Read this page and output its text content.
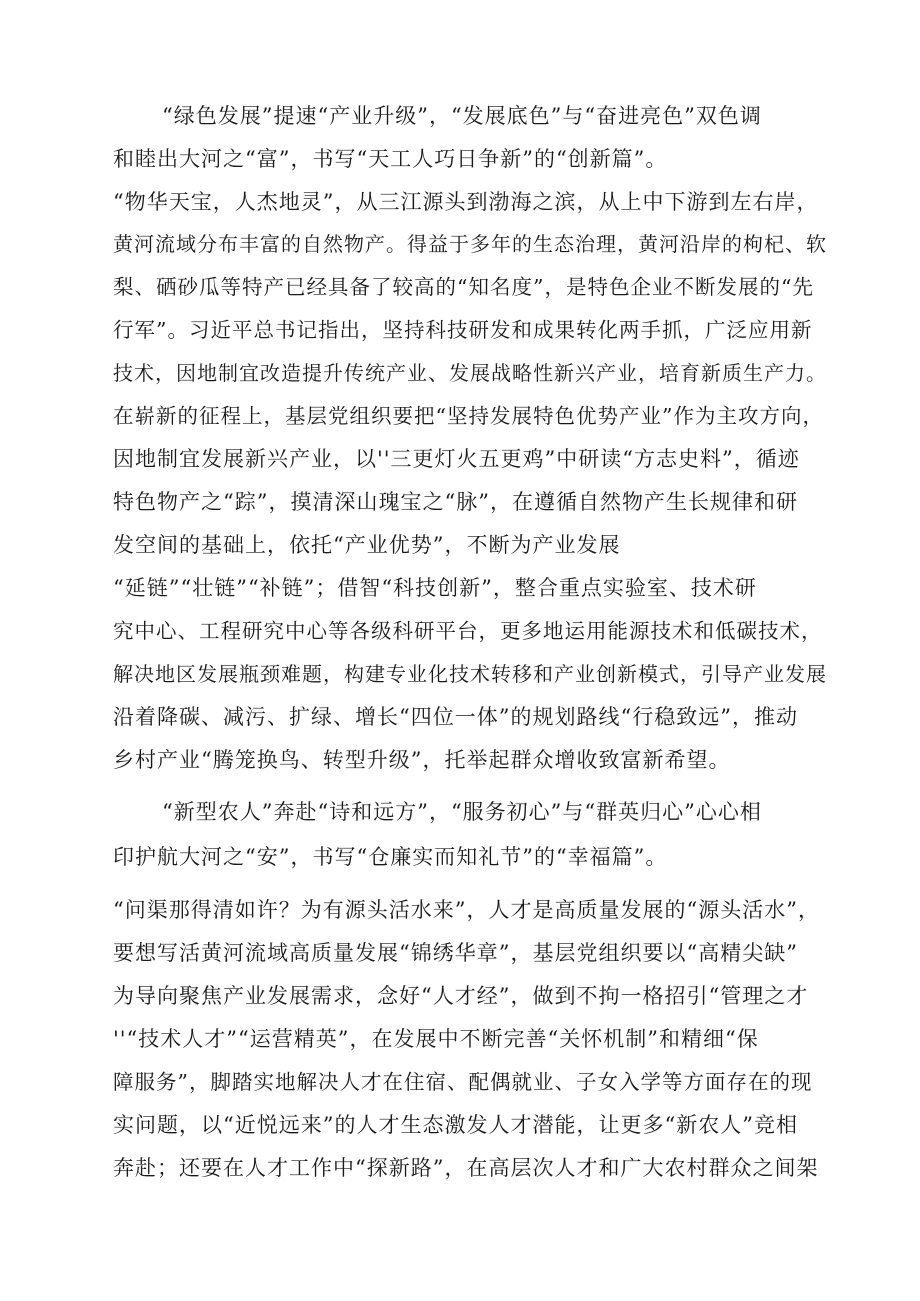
“绿色发展”提速“产业升级”，“发展底色”与“奋进亮色”双色调
和睦出大河之“富”，书写“天工人巧日争新”的“创新篇”。
“物华天宝，人杰地灵”，从三江源头到渤海之滨，从上中下游到左右岸，
黄河流域分布丰富的自然物产。得益于多年的生态治理，黄河沿岸的枸杞、软
梨、硒砂瓜等特产已经具备了较高的“知名度”，是特色企业不断发展的“先
行军”。习近平总书记指出，坚持科技研发和成果转化两手抓，广泛应用新
技术，因地制宜改造提升传统产业、发展战略性新兴产业，培育新质生产力。
在崭新的征程上，基层党组织要把“坚持发展特色优势产业”作为主攻方向，
因地制宜发展新兴产业，以''三更灯火五更鸡”中研读“方志史料”，循迹
特色物产之“踪”，摸清深山瑰宝之“脉”，在遵循自然物产生长规律和研
发空间的基础上，依托“产业优势”，不断为产业发展
“延链”“壮链”“补链”；借智“科技创新”，整合重点实验室、技术研
究中心、工程研究中心等各级科研平台，更多地运用能源技术和低碳技术，
解决地区发展瓶颈难题，构建专业化技术转移和产业创新模式，引导产业发展
沿着降碳、减污、扩绿、增长“四位一体”的规划路线“行稳致远”，推动
乡村产业“腾笼换鸟、转型升级”，托举起群众增收致富新希望。
“新型农人”奔赴“诗和远方”，“服务初心”与“群英归心”心心相
印护航大河之“安”，书写“仓廉实而知礼节”的“幸福篇”。
“问渠那得清如许？为有源头活水来”，人才是高质量发展的“源头活水”，
要想写活黄河流域高质量发展“锦绣华章”，基层党组织要以“高精尖缺”
为导向聚焦产业发展需求，念好“人才经”，做到不拘一格招引“管理之才
''“技术人才”“运营精英”，在发展中不断完善“关怀机制”和精细“保
障服务”，脚踏实地解决人才在住宿、配偶就业、子女入学等方面存在的现
实问题，以“近悦远来”的人才生态激发人才潜能，让更多“新农人”竞相
奔赴；还要在人才工作中“探新路”，在高层次人才和广大农村群众之间架
